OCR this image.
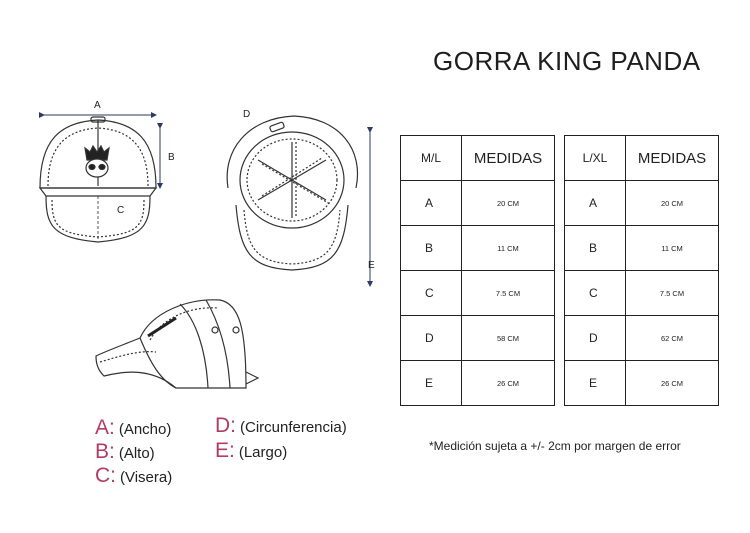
GORRA KING PANDA
A
B
C
D
E
M/L	MEDIDAS
A	20 CM
B	11 CM
C	7.5 CM
D	58 CM
E	26 CM
L/XL	MEDIDAS
A	20 CM
B	11 CM
C	7.5 CM
D	62 CM
E	26 CM
A: (Ancho)
B: (Alto)
C: (Visera)
D: (Circunferencia)
E: (Largo)	*Medición sujeta a +/- 2cm por margen de error
